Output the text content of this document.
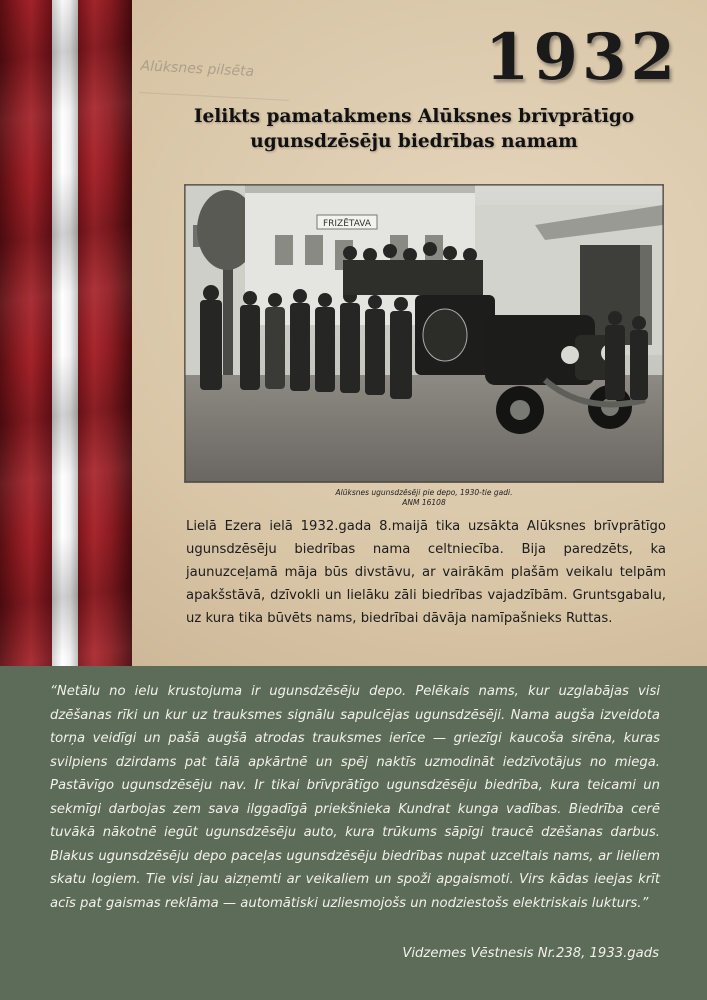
Alūksnes pilsēta	1932
Ielikts pamatakmens Alūksnes brīvprātīgo
ugunsdzēsēju biedrības namam
FRIZĒTAVA
Alūksnes ugunsdzēsēji pie depo, 1930-tie gadi.
ANM 16108
Lielā Ezera ielā 1932.gada 8.maijā tika uzsākta Alūksnes brīvprātīgo ugunsdzēsēju biedrības nama celtniecība. Bija paredzēts, ka jaunuzceļamā māja būs divstāvu, ar vairākām plašām veikalu telpām apakšstāvā, dzīvokli un lielāku zāli biedrības vajadzībām. Gruntsgabalu, uz kura tika būvēts nams, biedrībai dāvāja namīpašnieks Ruttas.
“Netālu no ielu krustojuma ir ugunsdzēsēju depo. Pelēkais nams, kur uzglabājas visi dzēšanas rīki un kur uz trauksmes signālu sapulcējas ugunsdzēsēji. Nama augša izveidota torņa veidīgi un pašā augšā atrodas trauksmes ierīce — griezīgi kaucoša sirēna, kuras svilpiens dzirdams pat tālā apkārtnē un spēj naktīs uzmodināt iedzīvotājus no miega. Pastāvīgo ugunsdzēsēju nav. Ir tikai brīvprātīgo ugunsdzēsēju biedrība, kura teicami un sekmīgi darbojas zem sava ilggadīgā priekšnieka Kundrat kunga vadības. Biedrība cerē tuvākā nākotnē iegūt ugunsdzēsēju auto, kura trūkums sāpīgi traucē dzēšanas darbus. Blakus ugunsdzēsēju depo paceļas ugunsdzēsēju biedrības nupat uzceltais nams, ar lieliem skatu logiem. Tie visi jau aizņemti ar veikaliem un spoži apgaismoti. Virs kādas ieejas krīt acīs pat gaismas reklāma — automātiski uzliesmojošs un nodziestošs elektriskais lukturs.”
Vidzemes Vēstnesis Nr.238, 1933.gads
